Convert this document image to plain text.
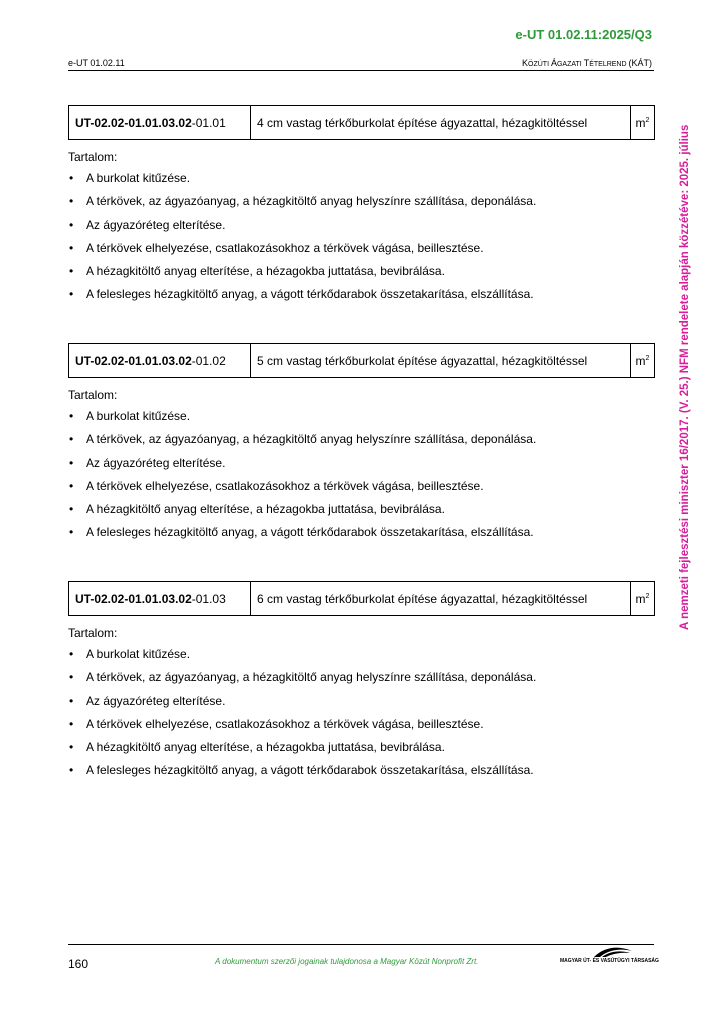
e-UT 01.02.11:2025/Q3
e-UT 01.02.11	KÖZÚTI ÁGAZATI TÉTELREND (KÁT)
A nemzeti fejlesztési miniszter 16/2017. (V. 25.) NFM rendelete alapján közzétéve: 2025. július
UT-02.02-01.01.03.02-01.01	4 cm vastag térkőburkolat építése ágyazattal, hézagkitöltéssel	$m^2$
Tartalom:
• A burkolat kitűzése.
• A térkövek, az ágyazóanyag, a hézagkitöltő anyag helyszínre szállítása, deponálása.
• Az ágyazóréteg elterítése.
• A térkövek elhelyezése, csatlakozásokhoz a térkövek vágása, beillesztése.
• A hézagkitöltő anyag elterítése, a hézagokba juttatása, bevibrálása.
• A felesleges hézagkitöltő anyag, a vágott térkődarabok összetakarítása, elszállítása.
UT-02.02-01.01.03.02-01.02	5 cm vastag térkőburkolat építése ágyazattal, hézagkitöltéssel	$m^2$
Tartalom:
• A burkolat kitűzése.
• A térkövek, az ágyazóanyag, a hézagkitöltő anyag helyszínre szállítása, deponálása.
• Az ágyazóréteg elterítése.
• A térkövek elhelyezése, csatlakozásokhoz a térkövek vágása, beillesztése.
• A hézagkitöltő anyag elterítése, a hézagokba juttatása, bevibrálása.
• A felesleges hézagkitöltő anyag, a vágott térkődarabok összetakarítása, elszállítása.
UT-02.02-01.01.03.02-01.03	6 cm vastag térkőburkolat építése ágyazattal, hézagkitöltéssel	$m^2$
Tartalom:
• A burkolat kitűzése.
• A térkövek, az ágyazóanyag, a hézagkitöltő anyag helyszínre szállítása, deponálása.
• Az ágyazóréteg elterítése.
• A térkövek elhelyezése, csatlakozásokhoz a térkövek vágása, beillesztése.
• A hézagkitöltő anyag elterítése, a hézagokba juttatása, bevibrálása.
• A felesleges hézagkitöltő anyag, a vágott térkődarabok összetakarítása, elszállítása.
160	A dokumentum szerzői jogainak tulajdonosa a Magyar Közút Nonprofit Zrt.	MAGYAR ÚT- ÉS VASÚTÜGYI TÁRSASÁG
